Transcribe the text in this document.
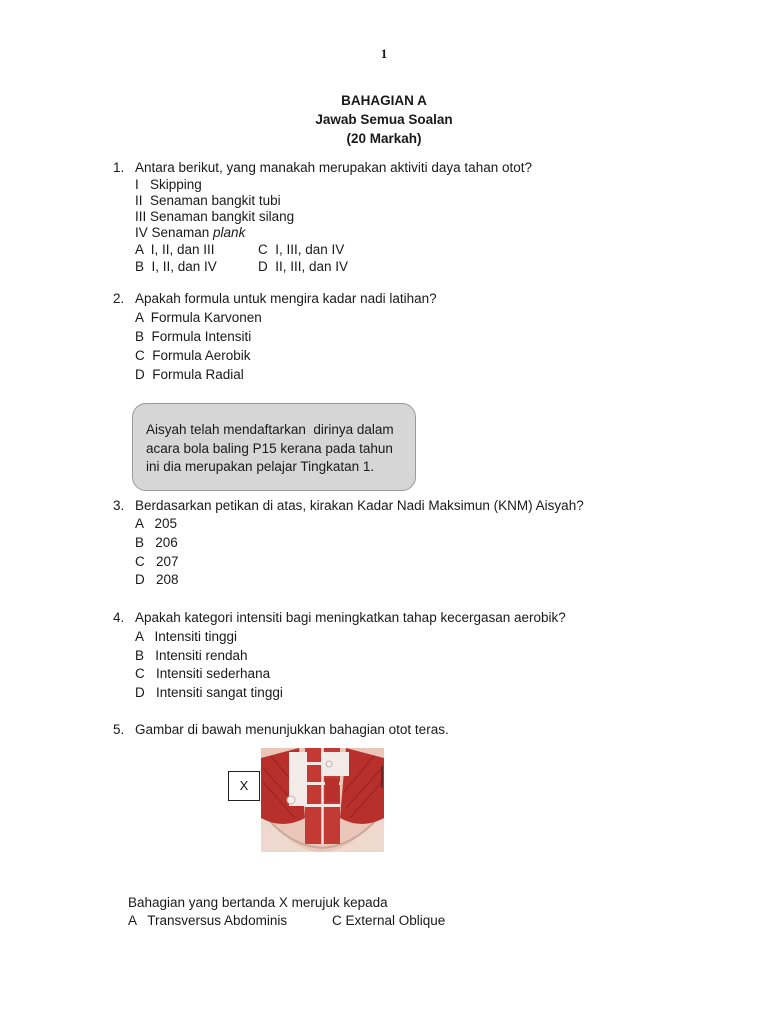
1
BAHAGIAN A
Jawab Semua Soalan
(20 Markah)
1. Antara berikut, yang manakah merupakan aktiviti daya tahan otot?
I   Skipping
II  Senaman bangkit tubi
III Senaman bangkit silang
IV Senaman plank
A  I, II, dan III	C  I, III, dan IV
B  I, II, dan IV	D  II, III, dan IV
2. Apakah formula untuk mengira kadar nadi latihan?
A  Formula Karvonen
B  Formula Intensiti
C  Formula Aerobik
D  Formula Radial
Aisyah telah mendaftarkan  dirinya dalam
acara bola baling P15 kerana pada tahun
ini dia merupakan pelajar Tingkatan 1.
3. Berdasarkan petikan di atas, kirakan Kadar Nadi Maksimun (KNM) Aisyah?
A   205
B   206
C   207
D   208
4. Apakah kategori intensiti bagi meningkatkan tahap kecergasan aerobik?
A   Intensiti tinggi
B   Intensiti rendah
C   Intensiti sederhana
D   Intensiti sangat tinggi
5. Gambar di bawah menunjukkan bahagian otot teras.
X
Bahagian yang bertanda X merujuk kepada
A   Transversus Abdominis	C External Oblique
